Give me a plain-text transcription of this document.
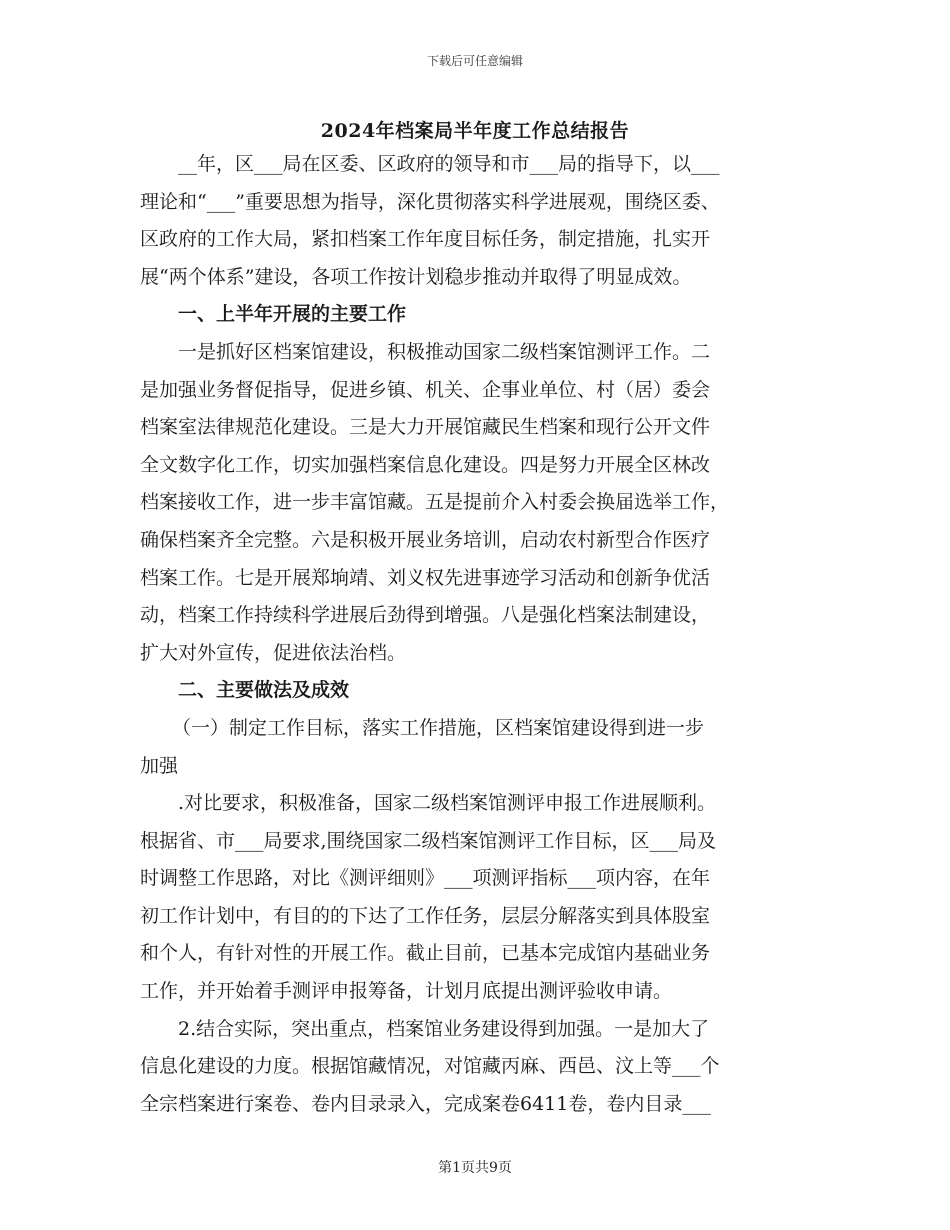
下载后可任意编辑
2024年档案局半年度工作总结报告
__年，区___局在区委、区政府的领导和市___局的指导下，以___
理论和“___”重要思想为指导，深化贯彻落实科学进展观，围绕区委、
区政府的工作大局，紧扣档案工作年度目标任务，制定措施，扎实开
展“两个体系”建设，各项工作按计划稳步推动并取得了明显成效。
一、上半年开展的主要工作
一是抓好区档案馆建设，积极推动国家二级档案馆测评工作。二
是加强业务督促指导，促进乡镇、机关、企事业单位、村（居）委会
档案室法律规范化建设。三是大力开展馆藏民生档案和现行公开文件
全文数字化工作，切实加强档案信息化建设。四是努力开展全区林改
档案接收工作，进一步丰富馆藏。五是提前介入村委会换届选举工作，
确保档案齐全完整。六是积极开展业务培训，启动农村新型合作医疗
档案工作。七是开展郑垧靖、刘义权先进事迹学习活动和创新争优活
动，档案工作持续科学进展后劲得到增强。八是强化档案法制建设，
扩大对外宣传，促进依法治档。
二、主要做法及成效
（一）制定工作目标，落实工作措施，区档案馆建设得到进一步
加强
.对比要求，积极准备，国家二级档案馆测评申报工作进展顺利。
根据省、市___局要求,围绕国家二级档案馆测评工作目标，区___局及
时调整工作思路，对比《测评细则》___项测评指标___项内容，在年
初工作计划中，有目的的下达了工作任务，层层分解落实到具体股室
和个人，有针对性的开展工作。截止目前，已基本完成馆内基础业务
工作，并开始着手测评申报筹备，计划月底提出测评验收申请。
2.结合实际，突出重点，档案馆业务建设得到加强。一是加大了
信息化建设的力度。根据馆藏情况，对馆藏丙麻、西邑、汶上等___个
全宗档案进行案卷、卷内目录录入，完成案卷6411卷，卷内目录___
第1页共9页
